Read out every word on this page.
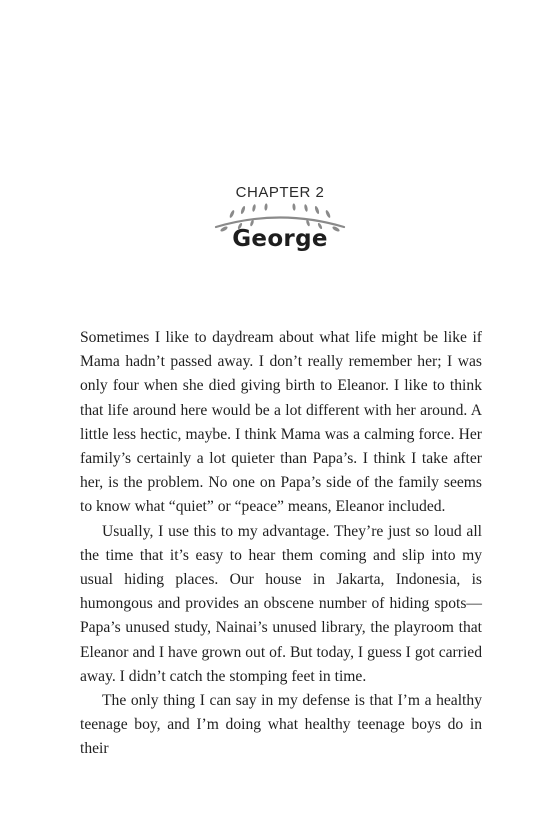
CHAPTER 2
George

Sometimes I like to daydream about what life might be like if Mama hadn’t passed away. I don’t really remember her; I was only four when she died giving birth to Eleanor. I like to think that life around here would be a lot different with her around. A little less hectic, maybe. I think Mama was a calming force. Her family’s certainly a lot quieter than Papa’s. I think I take after her, is the problem. No one on Papa’s side of the family seems to know what “quiet” or “peace” means, Eleanor included.

Usually, I use this to my advantage. They’re just so loud all the time that it’s easy to hear them coming and slip into my usual hiding places. Our house in Jakarta, Indonesia, is humongous and provides an obscene number of hiding spots—Papa’s unused study, Nainai’s unused library, the playroom that Eleanor and I have grown out of. But today, I guess I got carried away. I didn’t catch the stomping feet in time.

The only thing I can say in my defense is that I’m a healthy teenage boy, and I’m doing what healthy teenage boys do in their
